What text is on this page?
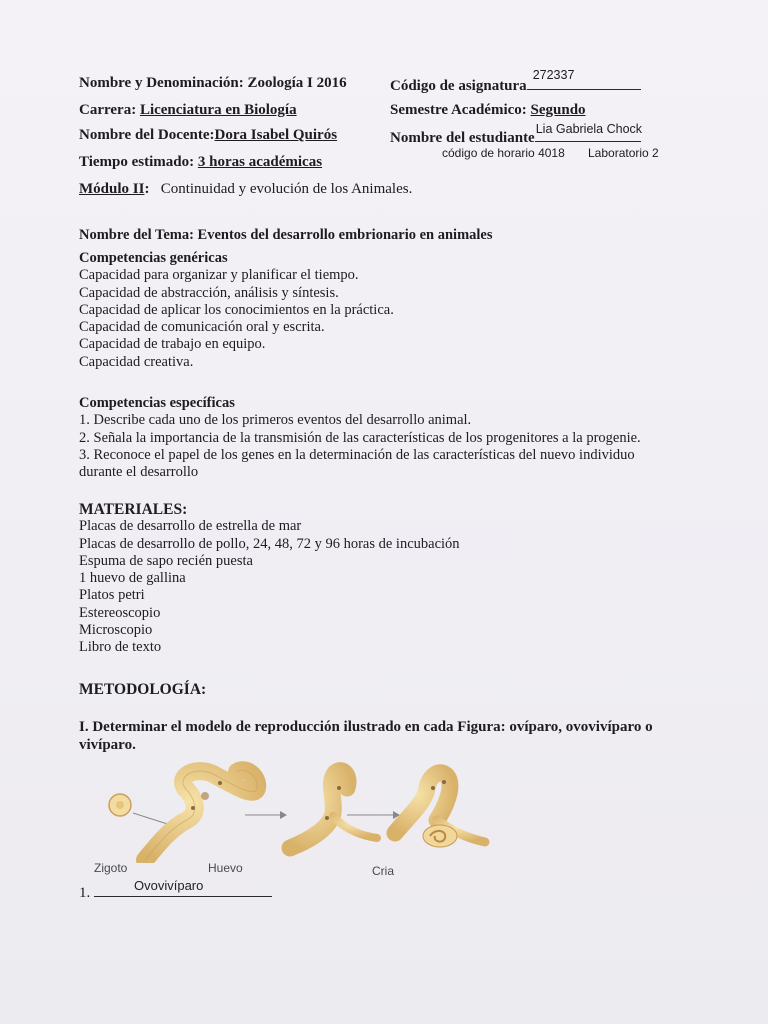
Nombre y Denominación: Zoología I 2016	Código de asignatura
272337
Carrera: Licenciatura en Biología	Semestre Académico: Segundo
Nombre del Docente:Dora Isabel Quirós	Nombre del estudiante
Lia Gabriela Chock
código de horario 4018 Laboratorio 2
Tiempo estimado: 3 horas académicas
Módulo II:   Continuidad y evolución de los Animales.
Nombre del Tema: Eventos del desarrollo embrionario en animales
Competencias genéricas
Capacidad para organizar y planificar el tiempo.
Capacidad de abstracción, análisis y síntesis.
Capacidad de aplicar los conocimientos en la práctica.
Capacidad de comunicación oral y escrita.
Capacidad de trabajo en equipo.
Capacidad creativa.
Competencias específicas
1. Describe cada uno de los primeros eventos del desarrollo animal.
2. Señala la importancia de la transmisión de las características de los progenitores a la progenie.
3. Reconoce el papel de los genes en la determinación de las características del nuevo individuo
durante el desarrollo
MATERIALES:
Placas de desarrollo de estrella de mar
Placas de desarrollo de pollo, 24, 48, 72 y 96 horas de incubación
Espuma de sapo recién puesta
1 huevo de gallina
Platos petri
Estereoscopio
Microscopio
Libro de texto
METODOLOGÍA:
I. Determinar el modelo de reproducción ilustrado en cada Figura: ovíparo, ovovivíparo o vivíparo.
Zigoto	Huevo	Cria
1.	Ovovivíparo
